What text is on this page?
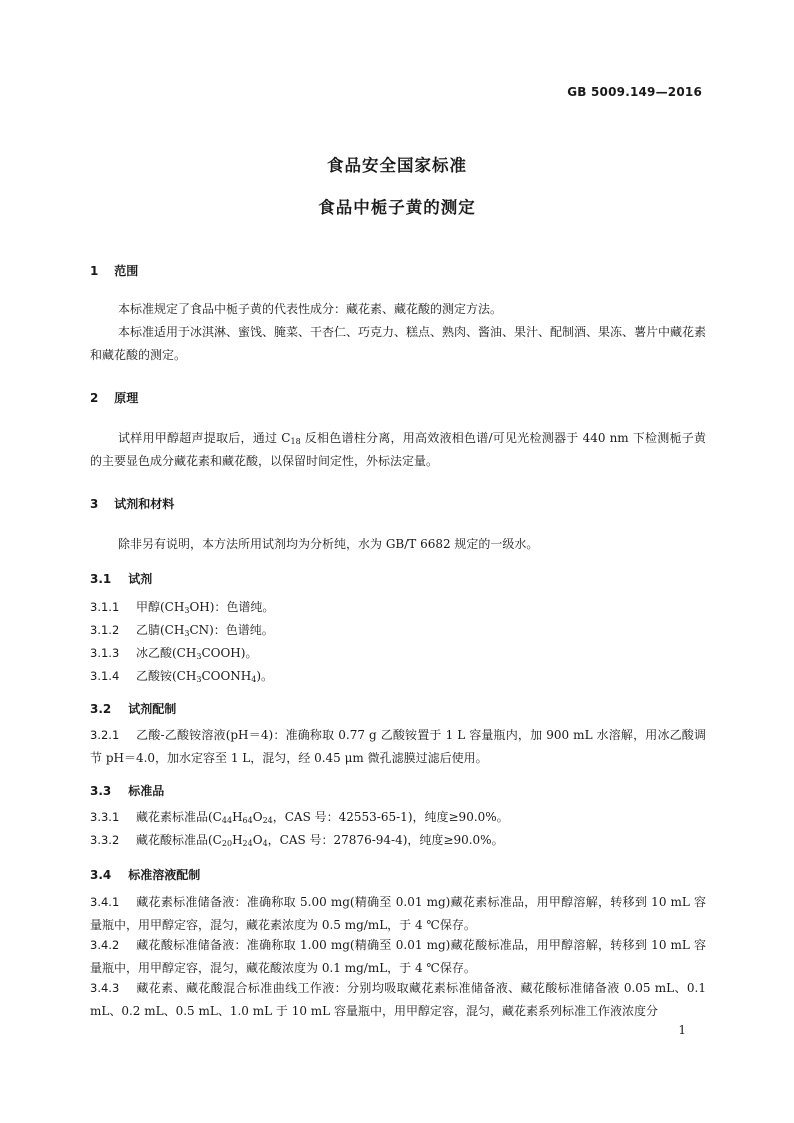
GB 5009.149—2016
食品安全国家标准
食品中栀子黄的测定
1 范围
本标准规定了食品中栀子黄的代表性成分：藏花素、藏花酸的测定方法。
本标准适用于冰淇淋、蜜饯、腌菜、干杏仁、巧克力、糕点、熟肉、酱油、果汁、配制酒、果冻、薯片中藏花素和藏花酸的测定。
2 原理
试样用甲醇超声提取后，通过 $C_{18}$ 反相色谱柱分离，用高效液相色谱/可见光检测器于 440 nm 下检测栀子黄的主要显色成分藏花素和藏花酸，以保留时间定性，外标法定量。
3 试剂和材料
除非另有说明，本方法所用试剂均为分析纯，水为 GB/T 6682 规定的一级水。
3.1 试剂
3.1.1 甲醇$(CH_3OH)$：色谱纯。
3.1.2 乙腈$(CH_3CN)$：色谱纯。
3.1.3 冰乙酸$(CH_3COOH)$。
3.1.4 乙酸铵$(CH_3COONH_4)$。
3.2 试剂配制
3.2.1 乙酸-乙酸铵溶液(pH＝4)：准确称取 0.77 g 乙酸铵置于 1 L 容量瓶内，加 900 mL 水溶解，用冰乙酸调节 pH＝4.0，加水定容至 1 L，混匀，经 0.45 μm 微孔滤膜过滤后使用。
3.3 标准品
3.3.1 藏花素标准品($C_{44}H_{64}O_{24}$，CAS 号：42553-65-1)，纯度≥90.0%。
3.3.2 藏花酸标准品($C_{20}H_{24}O_4$，CAS 号：27876-94-4)，纯度≥90.0%。
3.4 标准溶液配制
3.4.1 藏花素标准储备液：准确称取 5.00 mg(精确至 0.01 mg)藏花素标准品，用甲醇溶解，转移到 10 mL 容量瓶中，用甲醇定容，混匀，藏花素浓度为 0.5 mg/mL，于 4 ℃保存。
3.4.2 藏花酸标准储备液：准确称取 1.00 mg(精确至 0.01 mg)藏花酸标准品，用甲醇溶解，转移到 10 mL 容量瓶中，用甲醇定容，混匀，藏花酸浓度为 0.1 mg/mL，于 4 ℃保存。
3.4.3 藏花素、藏花酸混合标准曲线工作液：分别均吸取藏花素标准储备液、藏花酸标准储备液 0.05 mL、0.1 mL、0.2 mL、0.5 mL、1.0 mL 于 10 mL 容量瓶中，用甲醇定容，混匀，藏花素系列标准工作液浓度分
1
